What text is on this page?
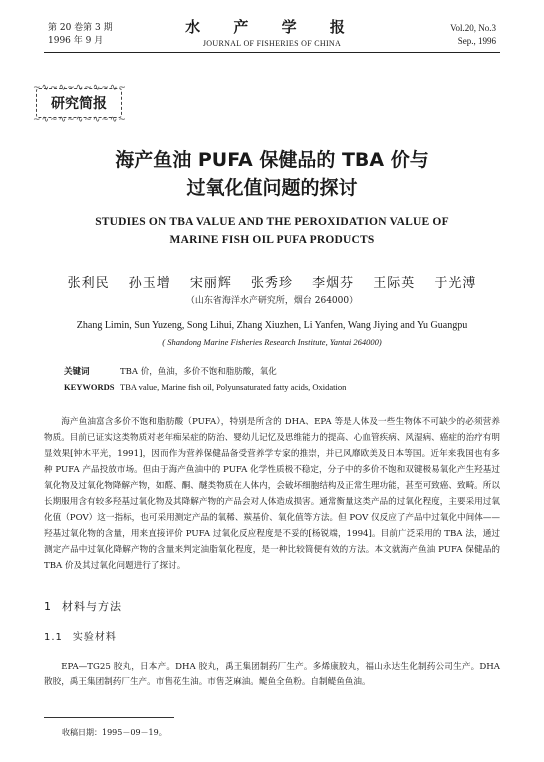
第 20 卷第 3 期
1996 年 9 月
水 产 学 报
JOURNAL OF FISHERIES OF CHINA
Vol.20, No.3
Sep., 1996
~∿~∿~∿~∿~∿~
研究简报
~∿~∿~∿~∿~∿~
海产鱼油 PUFA 保健品的 TBA 价与
过氧化值问题的探讨
STUDIES ON TBA VALUE AND THE PEROXIDATION VALUE OF
MARINE FISH OIL PUFA PRODUCTS
张利民 孙玉增 宋丽辉 张秀珍 李烟芬 王际英 于光溥
（山东省海洋水产研究所，烟台 264000）
Zhang Limin, Sun Yuzeng, Song Lihui, Zhang Xiuzhen, Li Yanfen, Wang Jiying and Yu Guangpu
( Shandong Marine Fisheries Research Institute, Yantai 264000)
关键词	TBA 价，鱼油，多价不饱和脂肪酸，氧化
KEYWORDS TBA value, Marine fish oil, Polyunsaturated fatty acids, Oxidation
海产鱼油富含多价不饱和脂肪酸（PUFA），特别是所含的 DHA、EPA 等是人体及一些生物体不可缺少的必须营养物质。目前已证实这类物质对老年痴呆症的防治、婴幼儿记忆及思维能力的提高、心血管疾病、风湿病、癌症的治疗有明显效果[钟木平光，1991]，因而作为营养保健品备受营养学专家的推崇，并已风靡欧美及日本等国。近年来我国也有多种 PUFA 产品投放市场。但由于海产鱼油中的 PUFA 化学性质极不稳定，分子中的多价不饱和双键极易氧化产生羟基过氧化物及过氧化物降解产物，如醛、酮、醚类物质在人体内，会破坏细胞结构及正常生理功能，甚至可致癌、致畸。所以长期服用含有较多羟基过氧化物及其降解产物的产品会对人体造成损害。通常衡量这类产品的过氧化程度，主要采用过氧化值（POV）这一指标，也可采用测定产品的氧稀、羰基价、氧化值等方法。但 POV 仅反应了产品中过氧化中间体——羟基过氧化物的含量，用来直接评价 PUFA 过氧化反应程度是不妥的[杨锐端，1994]。目前广泛采用的 TBA 法，通过测定产品中过氧化降解产物的含量来判定油脂氧化程度，是一种比较简便有效的方法。本文就海产鱼油 PUFA 保健品的 TBA 价及其过氧化问题进行了探讨。
1 材料与方法
1.1 实验材料
EPA—TG25 胶丸，日本产。DHA 胶丸，禹王集团制药厂生产。多烯康胶丸，福山永达生化制药公司生产。DHA 散胶，禹王集团制药厂生产。市售花生油。市售芝麻油。鳀鱼全鱼粉。自制鳀鱼鱼油。
收稿日期：1995－09－19。
